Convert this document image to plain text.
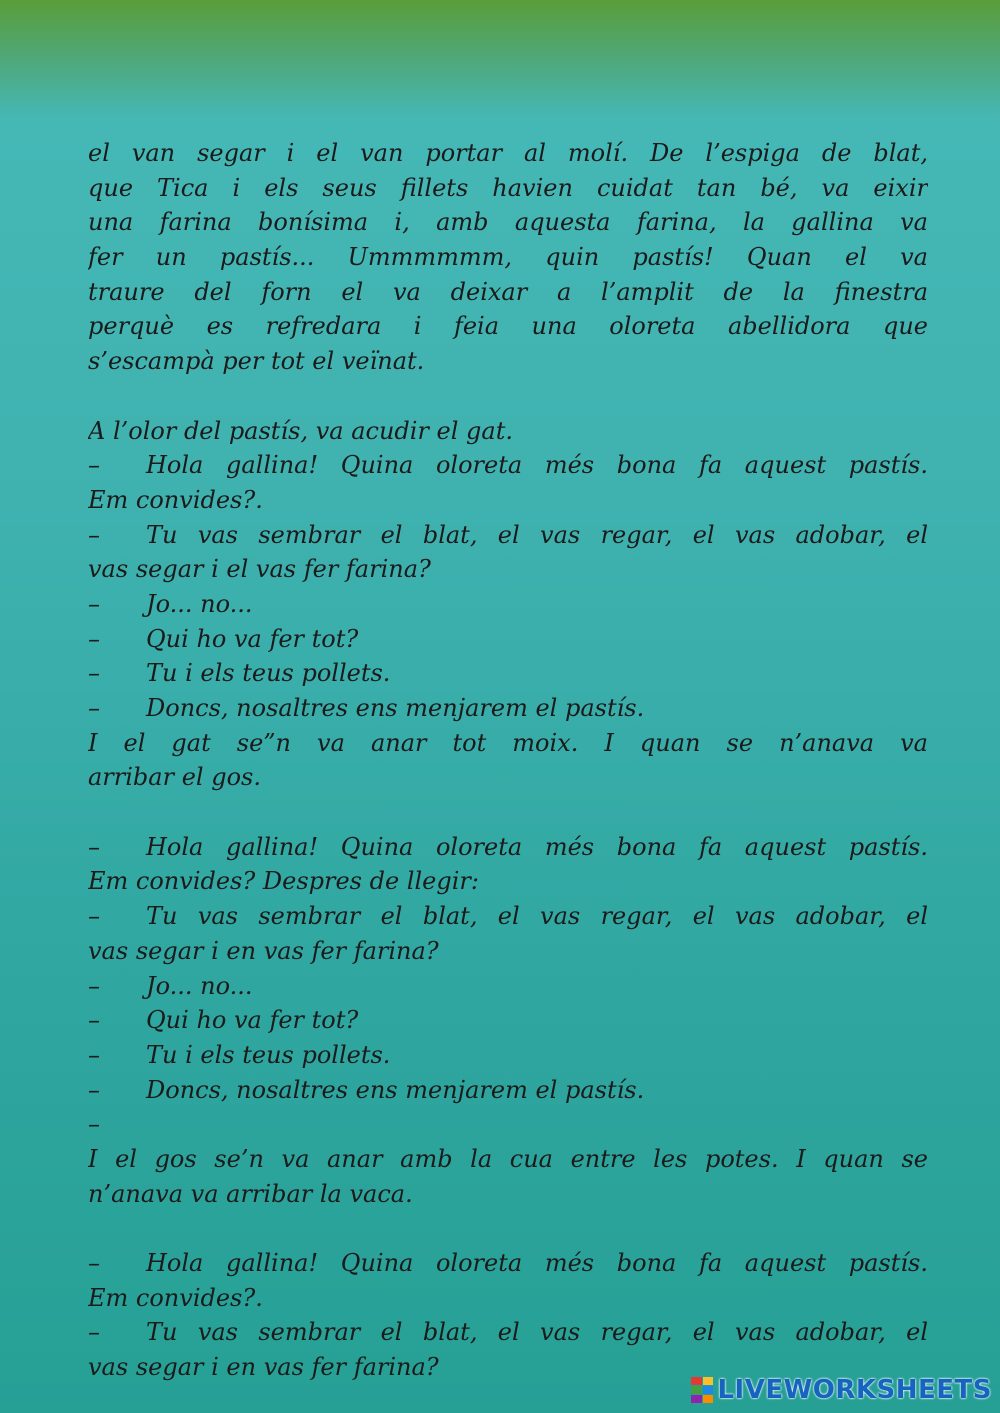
el van segar i el van portar al molí. De l’espiga de blat,
que Tica i els seus fillets havien cuidat tan bé, va eixir
una farina bonísima i, amb aquesta farina, la gallina va
fer un pastís... Ummmmmm, quin pastís! Quan el va
traure del forn el va deixar a l’amplit de la finestra
perquè es refredara i feia una oloreta abellidora que
s’escampà per tot el veïnat.
A l’olor del pastís, va acudir el gat.
– Hola gallina! Quina oloreta més bona fa aquest pastís.
Em convides?.
– Tu vas sembrar el blat, el vas regar, el vas adobar, el
vas segar i el vas fer farina?
– Jo... no...
– Qui ho va fer tot?
– Tu i els teus pollets.
– Doncs, nosaltres ens menjarem el pastís.
I el gat se”n va anar tot moix. I quan se n’anava va
arribar el gos.
– Hola gallina! Quina oloreta més bona fa aquest pastís.
Em convides? Despres de llegir:
– Tu vas sembrar el blat, el vas regar, el vas adobar, el
vas segar i en vas fer farina?
– Jo... no...
– Qui ho va fer tot?
– Tu i els teus pollets.
– Doncs, nosaltres ens menjarem el pastís.
–
I el gos se’n va anar amb la cua entre les potes. I quan se
n’anava va arribar la vaca.
– Hola gallina! Quina oloreta més bona fa aquest pastís.
Em convides?.
– Tu vas sembrar el blat, el vas regar, el vas adobar, el
vas segar i en vas fer farina?
LIVEWORKSHEETS
